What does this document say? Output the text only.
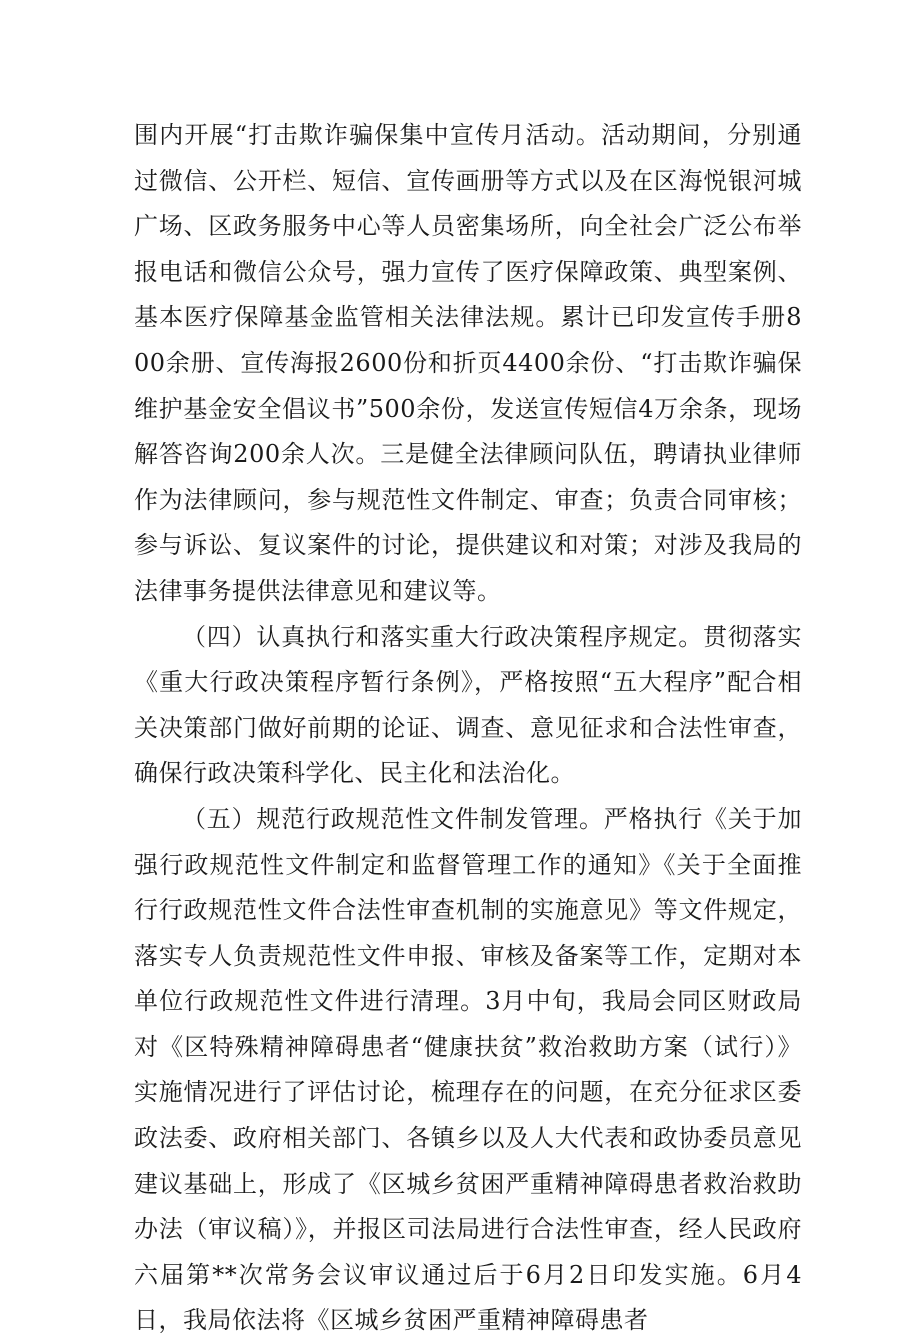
围内开展“打击欺诈骗保集中宣传月活动。活动期间，分别通过微信、公开栏、短信、宣传画册等方式以及在区海悦银河城广场、区政务服务中心等人员密集场所，向全社会广泛公布举报电话和微信公众号，强力宣传了医疗保障政策、典型案例、基本医疗保障基金监管相关法律法规。累计已印发宣传手册800余册、宣传海报2600份和折页4400余份、“打击欺诈骗保维护基金安全倡议书”500余份，发送宣传短信4万余条，现场解答咨询200余人次。三是健全法律顾问队伍，聘请执业律师作为法律顾问，参与规范性文件制定、审查；负责合同审核；参与诉讼、复议案件的讨论，提供建议和对策；对涉及我局的法律事务提供法律意见和建议等。

（四）认真执行和落实重大行政决策程序规定。贯彻落实《重大行政决策程序暂行条例》，严格按照“五大程序”配合相关决策部门做好前期的论证、调查、意见征求和合法性审查，确保行政决策科学化、民主化和法治化。

（五）规范行政规范性文件制发管理。严格执行《关于加强行政规范性文件制定和监督管理工作的通知》《关于全面推行行政规范性文件合法性审查机制的实施意见》等文件规定，落实专人负责规范性文件申报、审核及备案等工作，定期对本单位行政规范性文件进行清理。3月中旬，我局会同区财政局对《区特殊精神障碍患者“健康扶贫”救治救助方案（试行）》实施情况进行了评估讨论，梳理存在的问题，在充分征求区委政法委、政府相关部门、各镇乡以及人大代表和政协委员意见建议基础上，形成了《区城乡贫困严重精神障碍患者救治救助办法（审议稿）》，并报区司法局进行合法性审查，经人民政府六届第**次常务会议审议通过后于6月2日印发实施。6月4日，我局依法将《区城乡贫困严重精神障碍患者
